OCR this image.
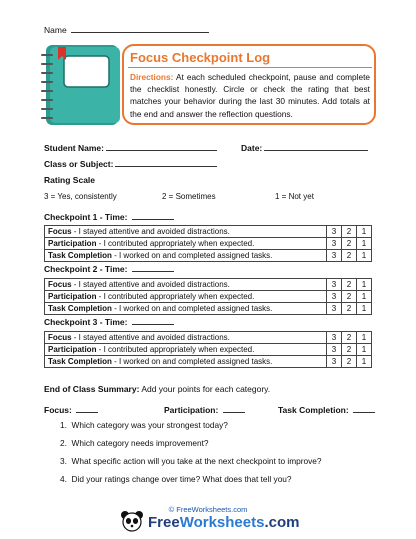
Name
Focus Checkpoint Log
Directions: At each scheduled checkpoint, pause and complete the checklist honestly. Circle or check the rating that best matches your behavior during the last 30 minutes. Add totals at the end and answer the reflection questions.
Student Name:	Date:
Class or Subject:
Rating Scale
3 = Yes, consistently	2 = Sometimes	1 = Not yet
Checkpoint 1 - Time:
Focus - I stayed attentive and avoided distractions.	3	2	1
Participation - I contributed appropriately when expected.	3	2	1
Task Completion - I worked on and completed assigned tasks.	3	2	1
Checkpoint 2 - Time:
Focus - I stayed attentive and avoided distractions.	3	2	1
Participation - I contributed appropriately when expected.	3	2	1
Task Completion - I worked on and completed assigned tasks.	3	2	1
Checkpoint 3 - Time:
Focus - I stayed attentive and avoided distractions.	3	2	1
Participation - I contributed appropriately when expected.	3	2	1
Task Completion - I worked on and completed assigned tasks.	3	2	1
End of Class Summary: Add your points for each category.
Focus:	Participation:	Task Completion:
1. Which category was your strongest today?
2. Which category needs improvement?
3. What specific action will you take at the next checkpoint to improve?
4. Did your ratings change over time? What does that tell you?
© FreeWorksheets.com
FreeWorksheets.com
